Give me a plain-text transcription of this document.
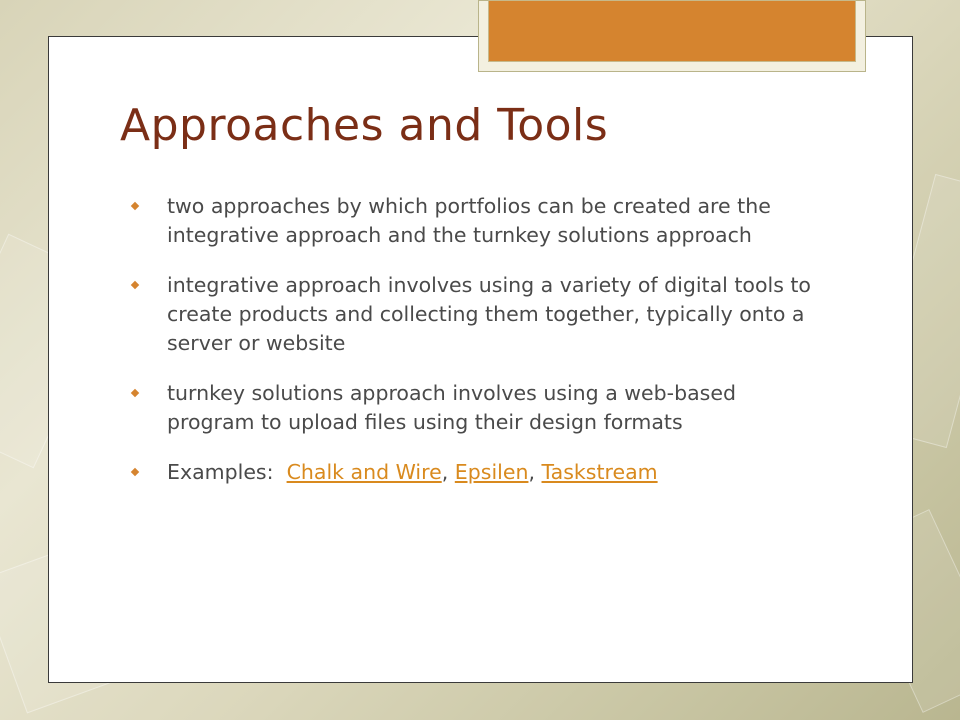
Approaches and Tools
two approaches by which portfolios can be created are the integrative approach and the turnkey solutions approach
integrative approach involves using a variety of digital tools to create products and collecting them together, typically onto a server or website
turnkey solutions approach involves using a web-based program to upload files using their design formats
Examples: Chalk and Wire, Epsilen, Taskstream
